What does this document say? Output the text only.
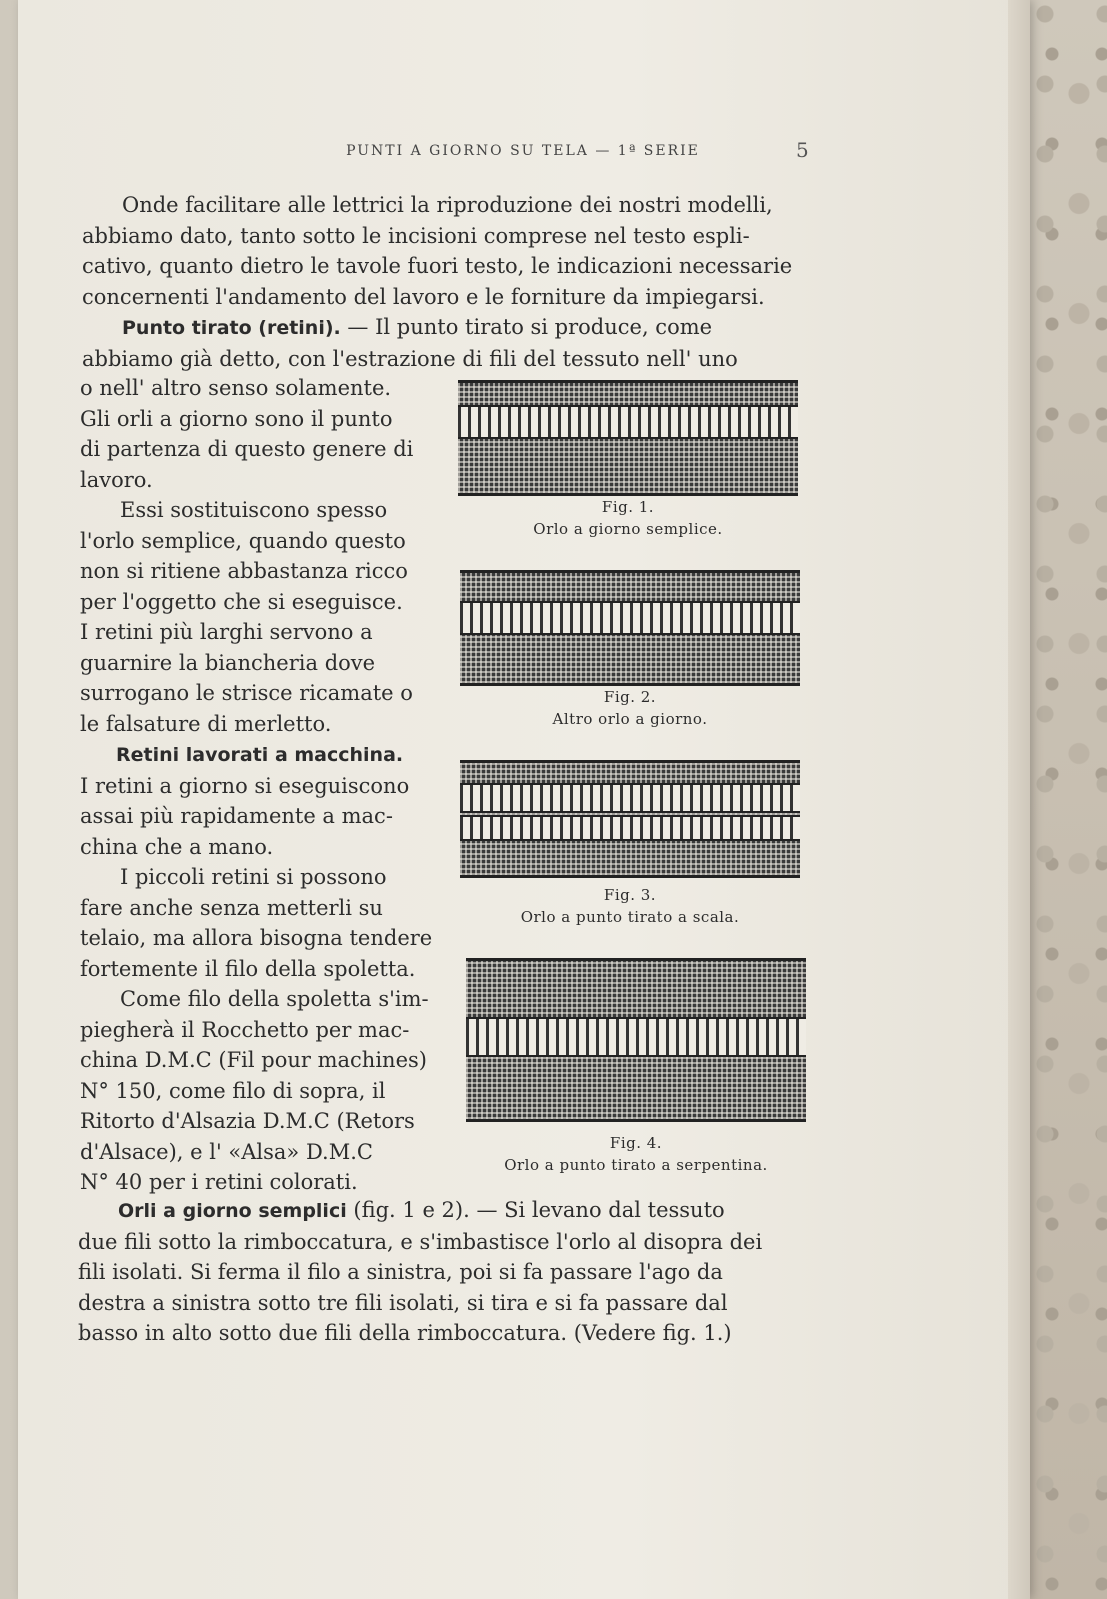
PUNTI A GIORNO SU TELA — 1ª SERIE	5
Onde facilitare alle lettrici la riproduzione dei nostri modelli,
abbiamo dato, tanto sotto le incisioni comprese nel testo espli-
cativo, quanto dietro le tavole fuori testo, le indicazioni necessarie
concernenti l'andamento del lavoro e le forniture da impiegarsi.
Punto tirato (retini). — Il punto tirato si produce, come
abbiamo già detto, con l'estrazione di fili del tessuto nell' uno
o nell' altro senso solamente.
Gli orli a giorno sono il punto
di partenza di questo genere di
lavoro.
Essi sostituiscono spesso
l'orlo semplice, quando questo
non si ritiene abbastanza ricco
per l'oggetto che si eseguisce.
I retini più larghi servono a
guarnire la biancheria dove
surrogano le strisce ricamate o
le falsature di merletto.
Retini lavorati a macchina.
I retini a giorno si eseguiscono
assai più rapidamente a mac-
china che a mano.
I piccoli retini si possono
fare anche senza metterli su
telaio, ma allora bisogna tendere
fortemente il filo della spoletta.
Come filo della spoletta s'im-
piegherà il Rocchetto per mac-
china D.M.C (Fil pour machines)
N° 150, come filo di sopra, il
Ritorto d'Alsazia D.M.C (Retors
d'Alsace), e l' «Alsa» D.M.C
N° 40 per i retini colorati.
Orli a giorno semplici (fig. 1 e 2). — Si levano dal tessuto
due fili sotto la rimboccatura, e s'imbastisce l'orlo al disopra dei
fili isolati. Si ferma il filo a sinistra, poi si fa passare l'ago da
destra a sinistra sotto tre fili isolati, si tira e si fa passare dal
basso in alto sotto due fili della rimboccatura. (Vedere fig. 1.)
Fig. 1.
Orlo a giorno semplice.
Fig. 2.
Altro orlo a giorno.
Fig. 3.
Orlo a punto tirato a scala.
Fig. 4.
Orlo a punto tirato a serpentina.
